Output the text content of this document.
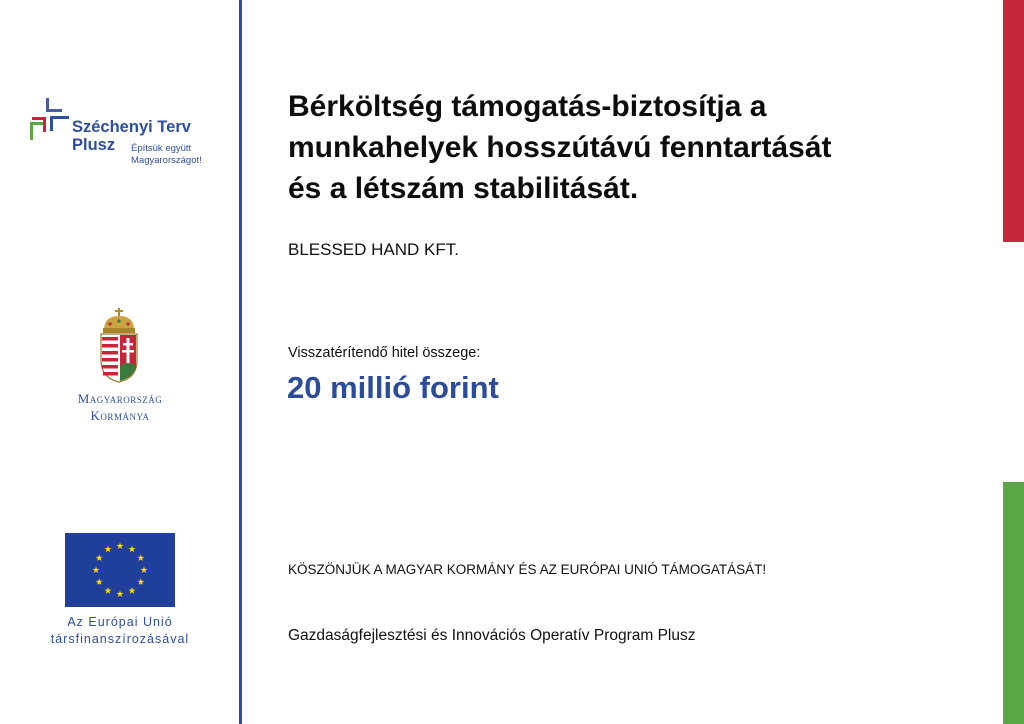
Széchenyi Terv
Plusz Építsük együtt
Magyarországot!
Magyarország
Kormánya
Az Európai Unió
társfinanszírozásával
Bérköltség támogatás-biztosítja a
munkahelyek hosszútávú fenntartását
és a létszám stabilitását.
BLESSED HAND KFT.
Visszatérítendő hitel összege:
20 millió forint
KÖSZÖNJÜK A MAGYAR KORMÁNY ÉS AZ EURÓPAI UNIÓ TÁMOGATÁSÁT!
Gazdaságfejlesztési és Innovációs Operatív Program Plusz
